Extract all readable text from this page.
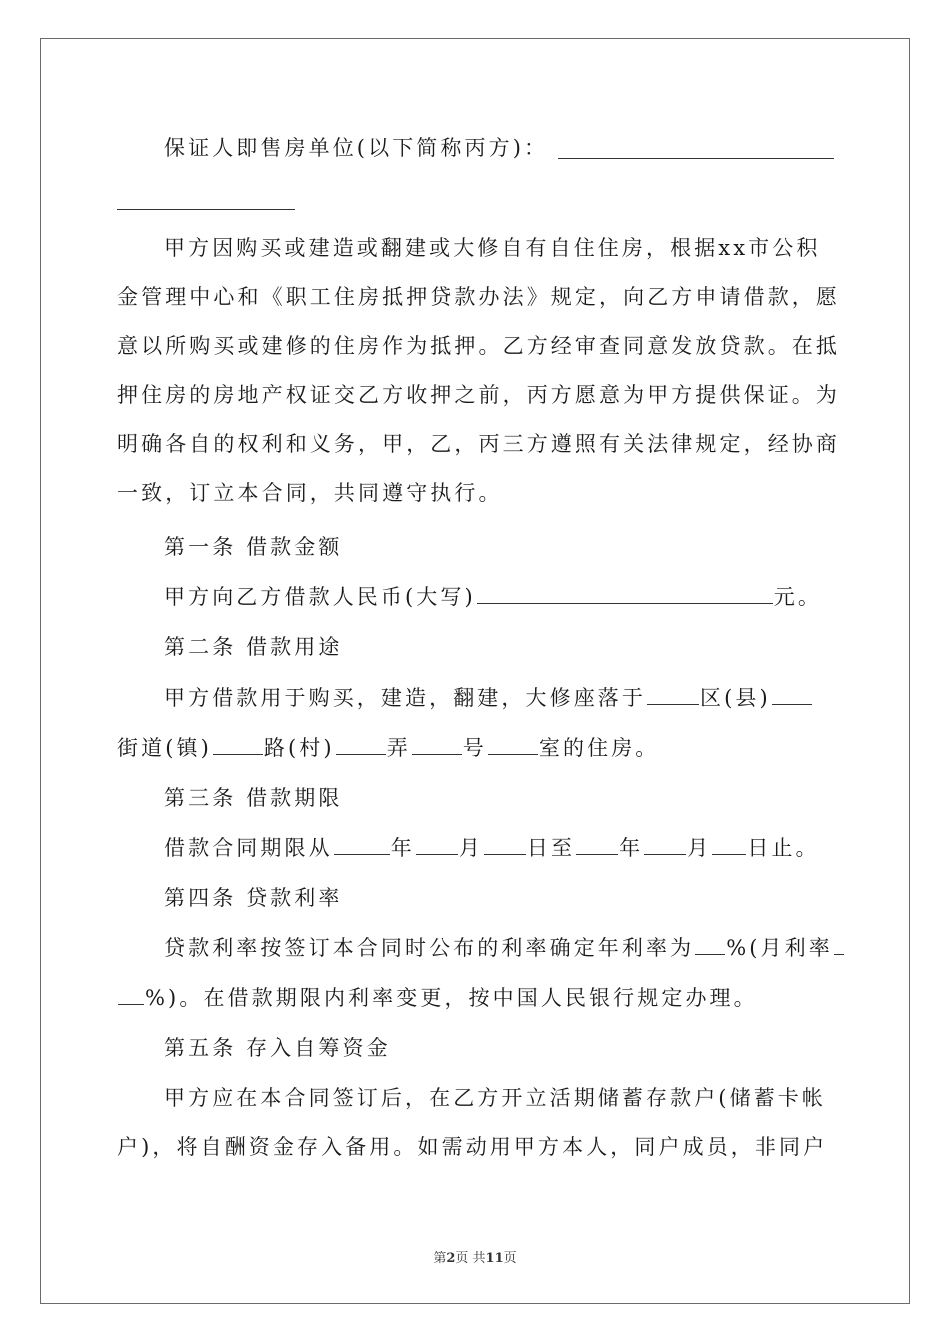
保证人即售房单位(以下简称丙方)：
甲方因购买或建造或翻建或大修自有自住住房，根据xx市公积
金管理中心和《职工住房抵押贷款办法》规定，向乙方申请借款，愿
意以所购买或建修的住房作为抵押。乙方经审查同意发放贷款。在抵
押住房的房地产权证交乙方收押之前，丙方愿意为甲方提供保证。为
明确各自的权利和义务，甲，乙，丙三方遵照有关法律规定，经协商
一致，订立本合同，共同遵守执行。
第一条 借款金额
甲方向乙方借款人民币(大写)	元。
第二条 借款用途
甲方借款用于购买，建造，翻建，大修座落于	区(县)
街道(镇) 路(村) 弄 号 室的住房。
第三条 借款期限
借款合同期限从	年 月 日至 年 月 日止。
第四条 贷款利率
贷款利率按签订本合同时公布的利率确定年利率为 %(月利率
%)。在借款期限内利率变更，按中国人民银行规定办理。
第五条 存入自筹资金
甲方应在本合同签订后，在乙方开立活期储蓄存款户(储蓄卡帐
户)，将自酬资金存入备用。如需动用甲方本人，同户成员，非同户
第2页 共11页
